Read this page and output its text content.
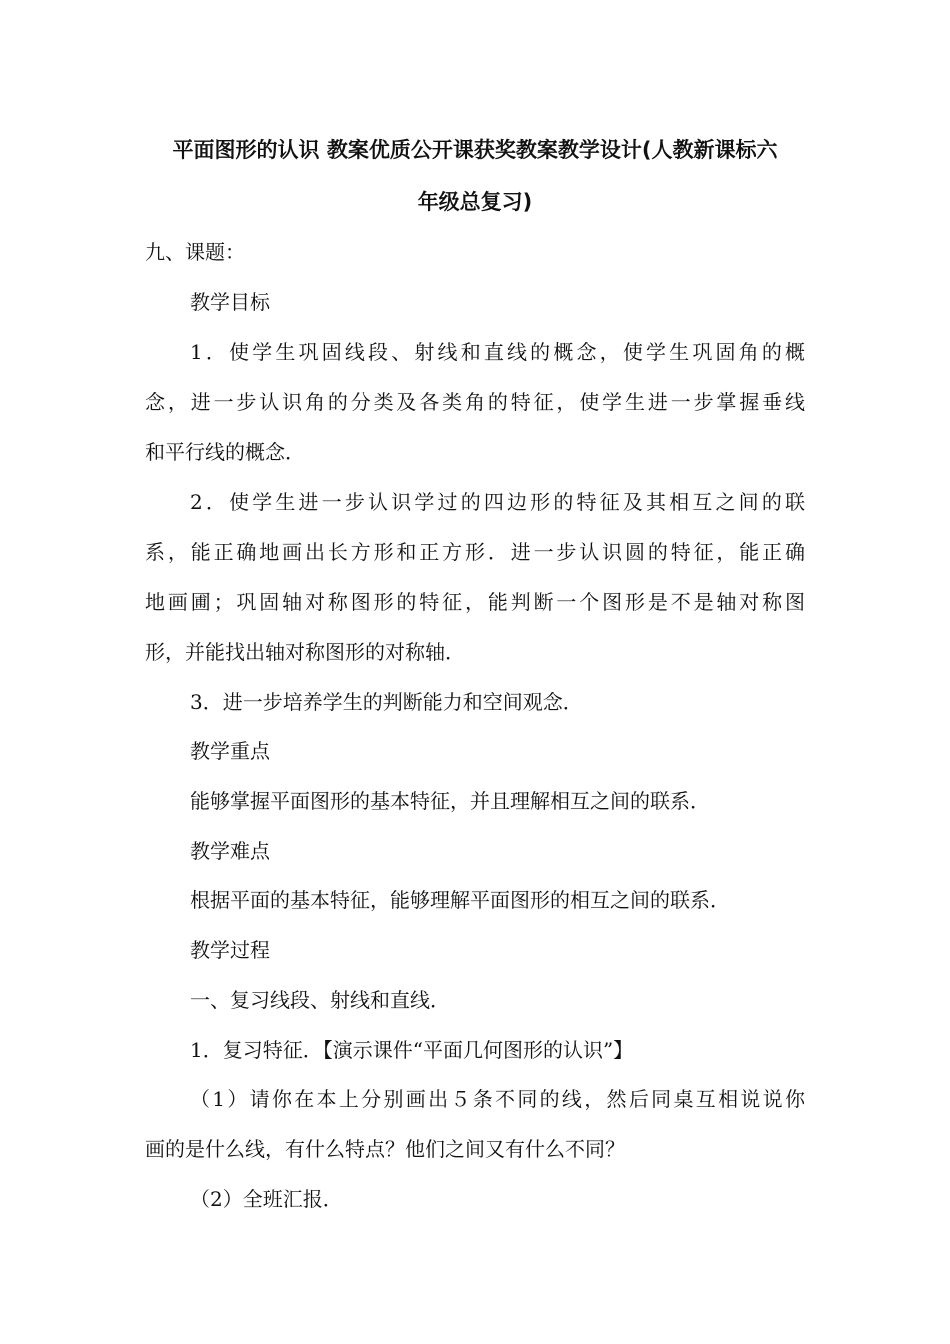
平面图形的认识 教案优质公开课获奖教案教学设计(人教新课标六
年级总复习)
九、课题：
教学目标
1．使学生巩固线段、射线和直线的概念，使学生巩固角的概
念，进一步认识角的分类及各类角的特征，使学生进一步掌握垂线
和平行线的概念．
2．使学生进一步认识学过的四边形的特征及其相互之间的联
系，能正确地画出长方形和正方形．进一步认识圆的特征，能正确
地画圃；巩固轴对称图形的特征，能判断一个图形是不是轴对称图
形，并能找出轴对称图形的对称轴．
3．进一步培养学生的判断能力和空间观念．
教学重点
能够掌握平面图形的基本特征，并且理解相互之间的联系．
教学难点
根据平面的基本特征，能够理解平面图形的相互之间的联系．
教学过程
一、复习线段、射线和直线．
1．复习特征．【演示课件“平面几何图形的认识”】
（1）请你在本上分别画出５条不同的线，然后同桌互相说说你
画的是什么线，有什么特点？他们之间又有什么不同？
（2）全班汇报．
